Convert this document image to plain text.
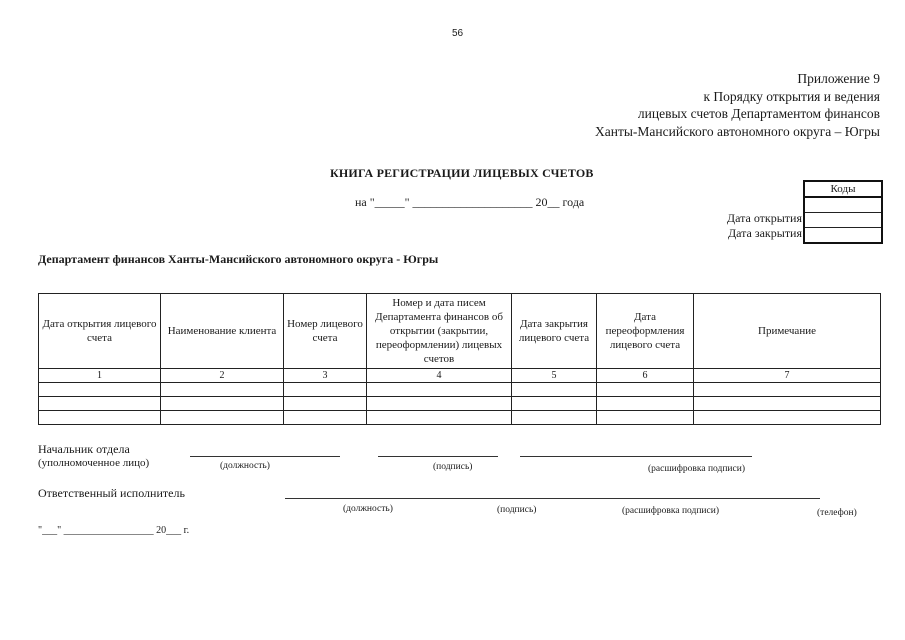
56
Приложение 9
к Порядку открытия и ведения
лицевых счетов Департаментом финансов
Ханты-Мансийского автономного округа – Югры
КНИГА РЕГИСТРАЦИИ ЛИЦЕВЫХ СЧЕТОВ
на "_____" ____________________ 20__ года
Коды

Дата открытия
Дата закрытия
Департамент финансов Ханты-Мансийского автономного округа - Югры
Дата открытия лицевого счета	Наименование клиента	Номер лицевого счета	Номер и дата писем Департамента финансов об открытии (закрытии, переоформлении) лицевых счетов	Дата закрытия лицевого счета	Дата переоформления лицевого счета	Примечание
1	2	3	4	5	6	7

Начальник отдела
(уполномоченное лицо)	(должность)	(подпись)	(расшифровка подписи)
Ответственный исполнитель
(должность)	(подпись)	(расшифровка подписи)	(телефон)
"___" __________________ 20___ г.
